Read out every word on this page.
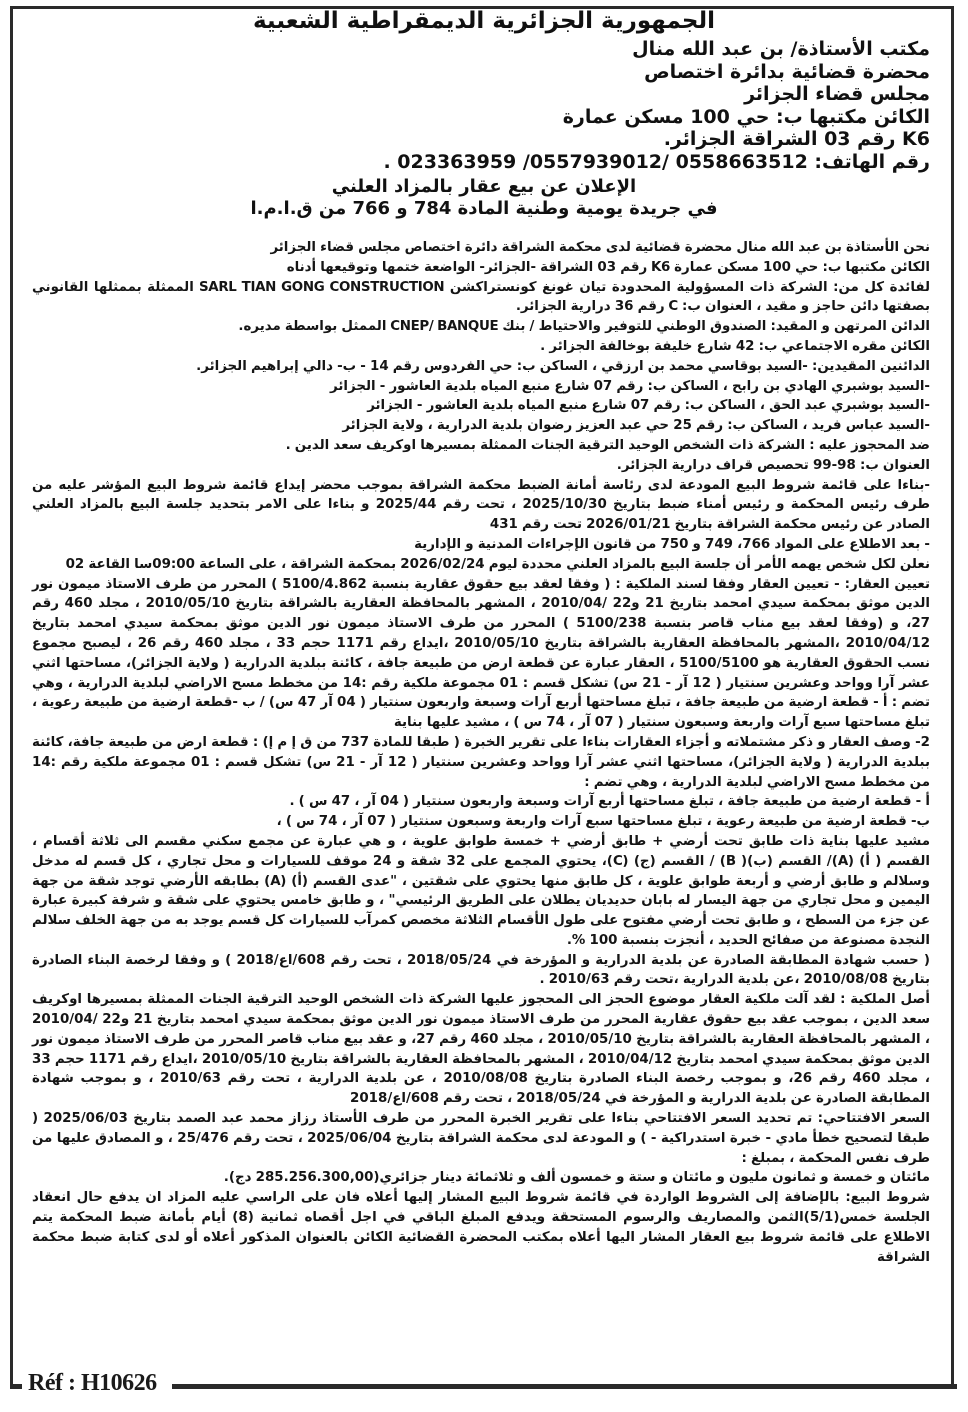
الجمهورية الجزائرية الديمقراطية الشعبية
مكتب الأستاذة/ بن عبد الله منال
محضرة قضائية بدائرة اختصاص
مجلس قضاء الجزائر
الكائن مكتبها ب: حي 100 مسكن عمارة
K6 رقم 03 الشراقة الجزائر.
رقم الهاتف: 0558663512 /0557939012/ 023363959 .
الإعلان عن بيع عقار بالمزاد العلني
في جريدة يومية وطنية المادة 784 و 766 من ق.ا.م.ا

نحن الأستاذة بن عبد الله منال محضرة قضائية لدى محكمة الشراقة دائرة اختصاص مجلس قضاء الجزائر

الكائن مكتبها ب: حي 100 مسكن عمارة K6 رقم 03 الشراقة -الجزائر- الواضعة ختمها وتوقيعها أدناه

لفائدة كل من: الشركة ذات المسؤولية المحدودة تيان غونغ كونستراكشن SARL TIAN GONG CONSTRUCTION الممثلة بممثلها القانوني بصفتها دائن حاجز و مقيد ، العنوان ب: C رقم 36 درارية الجزائر.

الدائن المرتهن و المقيد: الصندوق الوطني للتوفير والاحتياط / بنك CNEP/ BANQUE الممثل بواسطة مديره.

الكائن مقره الاجتماعي ب: 42 شارع خليفة بوخالفة الجزائر .

الدائنين المقيدين: -السيد بوقاسي محمد بن ارزقي ، الساكن ب: حي الفردوس رقم 14 - ب- دالي إبراهيم الجزائر.

-السيد بوشبري الهادي بن رابح ، الساكن ب: رقم 07 شارع منبع المياه بلدية العاشور - الجزائر

-السيد بوشبري عبد الحق ، الساكن ب: رقم 07 شارع منبع المياه بلدية العاشور - الجزائر

-السيد عباس فريد ، الساكن ب: رقم 25 حي عبد العزيز رضوان بلدية الدرارية ، ولاية الجزائر

ضد المحجوز عليه : الشركة ذات الشخص الوحيد الترقية الجنات الممثلة بمسيرها اوكريف سعد الدين .

العنوان ب: 98-99 تحصيص قراف درارية الجزائر.

-بناءا على قائمة شروط البيع المودعة لدى رئاسة أمانة الضبط محكمة الشراقة بموجب محضر إيداع قائمة شروط البيع المؤشر عليه من طرف رئيس المحكمة و رئيس أمناء ضبط بتاريخ 2025/10/30 ، تحت رقم 2025/44 و بناءا على الامر بتحديد جلسة البيع بالمزاد العلني الصادر عن رئيس محكمة الشراقة بتاريخ 2026/01/21 تحت رقم 431

- بعد الاطلاع على المواد 766، 749 و 750 من قانون الإجراءات المدنية و الإدارية

نعلن لكل شخص يهمه الأمر أن جلسة البيع بالمزاد العلني محددة ليوم 2026/02/24 بمحكمة الشراقة ، على الساعة 09:00سا القاعة 02

تعيين العقار: - تعيين العقار وفقا لسند الملكية : ( وفقا لعقد بيع حقوق عقارية بنسبة 5100/4.862 ) المحرر من طرف الاستاذ ميمون نور الدين موثق بمحكمة سيدي امحمد بتاريخ 21 و22 /2010/04 ، المشهر بالمحافظة العقارية بالشراقة بتاريخ 2010/05/10 ، مجلد 460 رقم 27، و (وفقا لعقد بيع مناب قاصر بنسبة 5100/238 ) المحرر من طرف الاستاذ ميمون نور الدين موثق بمحكمة سيدي امحمد بتاريخ 2010/04/12 ،المشهر بالمحافظة العقارية بالشراقة بتاريخ 2010/05/10 ،ايداع رقم 1171 حجم 33 ، مجلد 460 رقم 26 ، ليصبح مجموع نسب الحقوق العقارية هو 5100/5100 ، العقار عبارة عن قطعة ارض من طبيعة جافة ، كائنة ببلدية الدرارية ( ولاية الجزائر)، مساحتها اثني عشر آرا وواحد وعشرين سنتيار ( 12 آر - 21 س) تشكل قسم : 01 مجموعة ملكية رقم :14 من مخطط مسح الاراضي لبلدية الدرارية ، وهي تضم : أ - قطعة ارضية من طبيعة جافة ، تبلغ مساحتها أربع آرات وسبعة واربعون سنتيار ( 04 آر 47 س) / ب -قطعة ارضية من طبيعة رعوية ، تبلغ مساحتها سبع آرات واربعة وسبعون سنتيار ( 07 آر ، 74 س ) ، مشيد عليها بناية

2- وصف العقار و ذكر مشتملاته و أجزاء العقارات بناءا على تقرير الخبرة ( طبقا للمادة 737 من ق إ م إ) : قطعة ارض من طبيعة جافة، كائنة ببلدية الدرارية ( ولاية الجزائر)، مساحتها اثني عشر آرا وواحد وعشرين سنتيار ( 12 آر - 21 س) تشكل قسم : 01 مجموعة ملكية رقم :14 من مخطط مسح الاراضي لبلدية الدرارية ، وهي تضم :

أ - قطعة ارضية من طبيعة جافة ، تبلغ مساحتها أربع آرات وسبعة واربعون سنتيار ( 04 آر ، 47 س ) .

ب- قطعة ارضية من طبيعة رعوية ، تبلغ مساحتها سبع آرات واربعة وسبعون سنتيار ( 07 آر ، 74 س ) ،

مشيد عليها بناية ذات طابق تحت أرضي + طابق أرضي + خمسة طوابق علوية ، و هي عبارة عن مجمع سكني مقسم الى ثلاثة أقسام ، القسم ( أ) (A)/ القسم (ب)( B) / القسم (ج) (C)، يحتوي المجمع على 32 شقة و 24 موقف للسيارات و محل تجاري ، كل قسم له مدخل وسلالم و طابق أرضي و أربعة طوابق علوية ، كل طابق منها يحتوي على شقتين ، "عدى القسم (أ) (A) بطابقه الأرضي توجد شقة من جهة اليمين و محل تجاري من جهة اليسار له بابان حديديان يطلان على الطريق الرئيسي" ، و طابق خامس يحتوي على شقة و شرفة كبيرة عبارة عن جزء من السطح ، و طابق تحت أرضي مفتوح على طول الأقسام الثلاثة مخصص كمرآب للسيارات كل قسم يوجد به من جهة الخلف سلالم النجدة مصنوعة من صفائح الحديد ، أنجزت بنسبة 100 %.

( حسب شهادة المطابقة الصادرة عن بلدية الدرارية و المؤرخة في 2018/05/24 ، تحت رقم 608/اع/2018 ) و وفقا لرخصة البناء الصادرة بتاريخ 2010/08/08 ،عن بلدية الدرارية ،تحت رقم 2010/63 .

أصل الملكية : لقد آلت ملكية العقار موضوع الحجز الى المحجوز عليها الشركة ذات الشخص الوحيد الترقية الجنات الممثلة بمسيرها اوكريف سعد الدين ، بموجب عقد بيع حقوق عقارية المحرر من طرف الاستاذ ميمون نور الدين موثق بمحكمة سيدي امحمد بتاريخ 21 و22 /2010/04 ، المشهر بالمحافظة العقارية بالشراقة بتاريخ 2010/05/10 ، مجلد 460 رقم 27، و عقد بيع مناب قاصر المحرر من طرف الاستاذ ميمون نور الدين موثق بمحكمة سيدي امحمد بتاريخ 2010/04/12 ، المشهر بالمحافظة العقارية بالشراقة بتاريخ 2010/05/10 ،ايداع رقم 1171 حجم 33 ، مجلد 460 رقم 26، و بموجب رخصة البناء الصادرة بتاريخ 2010/08/08 ، عن بلدية الدرارية ، تحت رقم 2010/63 ، و بموجب شهادة المطابقة الصادرة عن بلدية الدرارية و المؤرخة في 2018/05/24 ، تحت رقم 608/اع/2018

السعر الافتتاحي: تم تحديد السعر الافتتاحي بناءا على تقرير الخبرة المحرر من طرف الأستاذ رزاز محمد عبد الصمد بتاريخ 2025/06/03 ( طبقا لتصحيح خطأ مادي - خبرة استدراكية - ) و المودعة لدى محكمة الشراقة بتاريخ 2025/06/04 ، تحت رقم 25/476 ، و المصادق عليها من طرف نفس المحكمة ، بمبلغ :

مائتان و خمسة و ثمانون مليون و مائتان و ستة و خمسون ألف و ثلاثمائة دينار جزائري(285.256.300,00 دج).

شروط البيع: بالإضافة إلى الشروط الواردة في قائمة شروط البيع المشار إليها أعلاه فان على الراسي عليه المزاد ان يدفع حال انعقاد الجلسة خمس(5/1)الثمن والمصاريف والرسوم المستحقة ويدفع المبلغ الباقي في اجل أقصاه ثمانية (8) أيام بأمانة ضبط المحكمة يتم الاطلاع على قائمة شروط بيع العقار المشار اليها أعلاه بمكتب المحضرة القضائية الكائن بالعنوان المذكور أعلاه أو لدى كتابة ضبط محكمة الشراقة

Réf : H10626
